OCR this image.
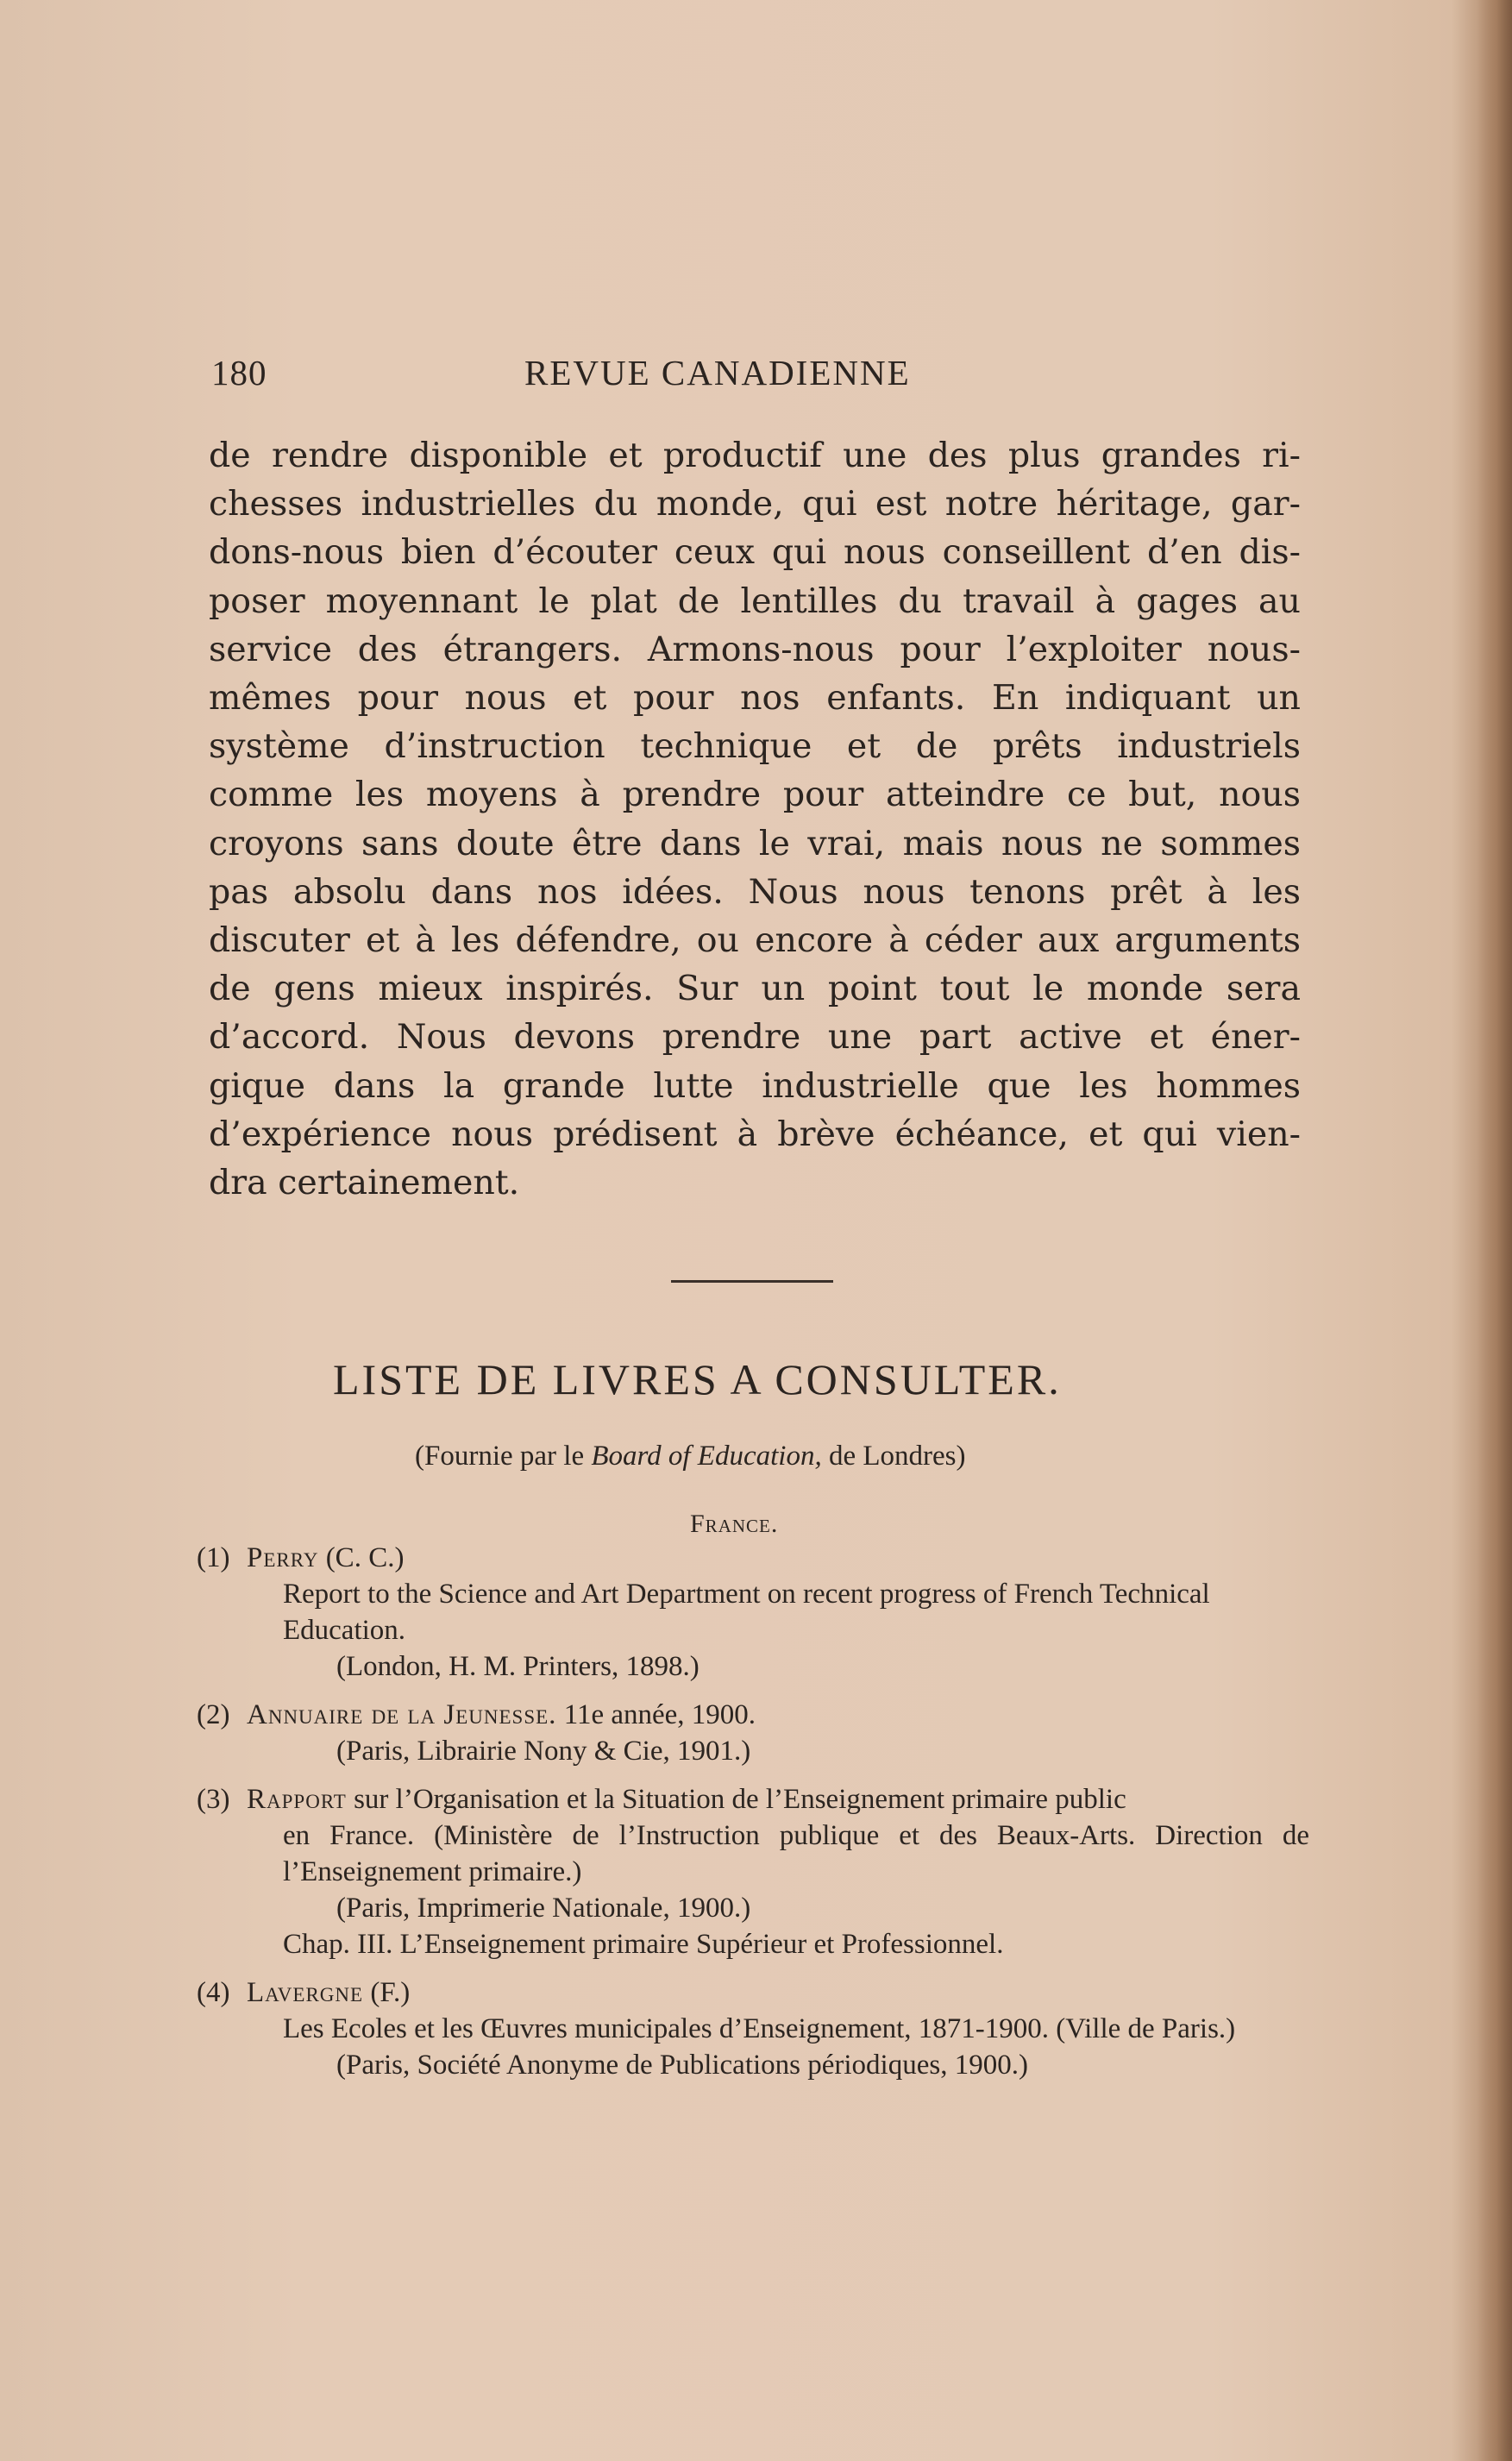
180	REVUE CANADIENNE
de rendre disponible et productif une des plus grandes ri-
chesses industrielles du monde, qui est notre héritage, gar-
dons-nous bien d’écouter ceux qui nous conseillent d’en dis-
poser moyennant le plat de lentilles du travail à gages au
service des étrangers. Armons-nous pour l’exploiter nous-
mêmes pour nous et pour nos enfants. En indiquant un
système d’instruction technique et de prêts industriels
comme les moyens à prendre pour atteindre ce but, nous
croyons sans doute être dans le vrai, mais nous ne sommes
pas absolu dans nos idées. Nous nous tenons prêt à les
discuter et à les défendre, ou encore à céder aux arguments
de gens mieux inspirés. Sur un point tout le monde sera
d’accord. Nous devons prendre une part active et éner-
gique dans la grande lutte industrielle que les hommes
d’expérience nous prédisent à brève échéance, et qui vien-
dra certainement.
LISTE DE LIVRES A CONSULTER.
(Fournie par le Board of Education, de Londres)
France.
(1) Perry (C. C.)
Report to the Science and Art Department on recent progress of French Technical Education.
(London, H. M. Printers, 1898.)
(2) Annuaire de la Jeunesse. 11e année, 1900.
(Paris, Librairie Nony & Cie, 1901.)
(3) Rapport sur l’Organisation et la Situation de l’Enseignement primaire public
en France. (Ministère de l’Instruction publique et des Beaux-Arts. Direction de l’Enseignement primaire.)
(Paris, Imprimerie Nationale, 1900.)
Chap. III. L’Enseignement primaire Supérieur et Professionnel.
(4) Lavergne (F.)
Les Ecoles et les Œuvres municipales d’Enseignement, 1871-1900. (Ville de Paris.)
(Paris, Société Anonyme de Publications périodiques, 1900.)
